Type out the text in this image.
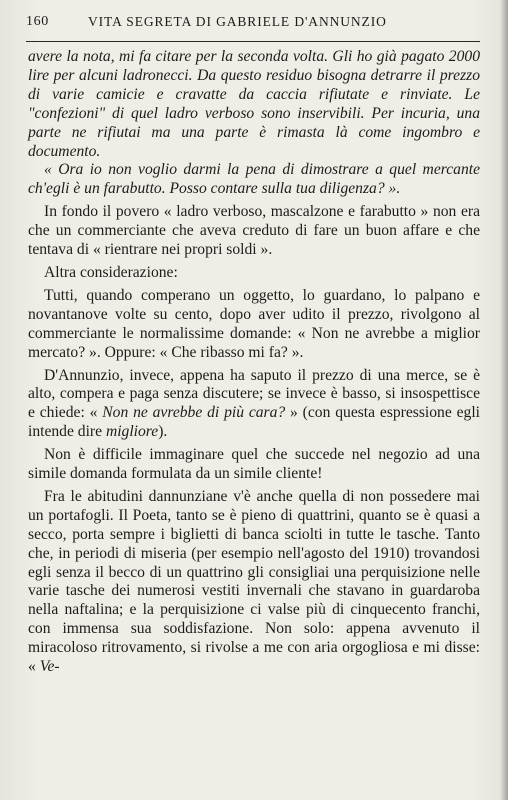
160	VITA SEGRETA DI GABRIELE D'ANNUNZIO

avere la nota, mi fa citare per la seconda volta. Gli ho già pagato 2000 lire per alcuni ladronecci. Da questo residuo bisogna detrarre il prezzo di varie camicie e cravatte da caccia rifiutate e rinviate. Le "confezioni" di quel ladro verboso sono inservibili. Per incuria, una parte ne rifiutai ma una parte è rimasta là come ingombro e documento.

« Ora io non voglio darmi la pena di dimostrare a quel mercante ch'egli è un farabutto. Posso contare sulla tua diligenza? ».

In fondo il povero « ladro verboso, mascalzone e farabutto » non era che un commerciante che aveva creduto di fare un buon affare e che tentava di « rientrare nei propri soldi ».

Altra considerazione:

Tutti, quando comperano un oggetto, lo guardano, lo palpano e novantanove volte su cento, dopo aver udito il prezzo, rivolgono al commerciante le normalissime domande: « Non ne avrebbe a miglior mercato? ». Oppure: « Che ribasso mi fa? ».

D'Annunzio, invece, appena ha saputo il prezzo di una merce, se è alto, compera e paga senza discutere; se invece è basso, si insospettisce e chiede: « Non ne avrebbe di più cara? » (con questa espressione egli intende dire migliore).

Non è difficile immaginare quel che succede nel negozio ad una simile domanda formulata da un simile cliente!

Fra le abitudini dannunziane v'è anche quella di non possedere mai un portafogli. Il Poeta, tanto se è pieno di quattrini, quanto se è quasi a secco, porta sempre i biglietti di banca sciolti in tutte le tasche. Tanto che, in periodi di miseria (per esempio nell'agosto del 1910) trovandosi egli senza il becco di un quattrino gli consigliai una perquisizione nelle varie tasche dei numerosi vestiti invernali che stavano in guardaroba nella naftalina; e la perquisizione ci valse più di cinquecento franchi, con immensa sua soddisfazione. Non solo: appena avvenuto il miracoloso ritrovamento, si rivolse a me con aria orgogliosa e mi disse: « Ve-
